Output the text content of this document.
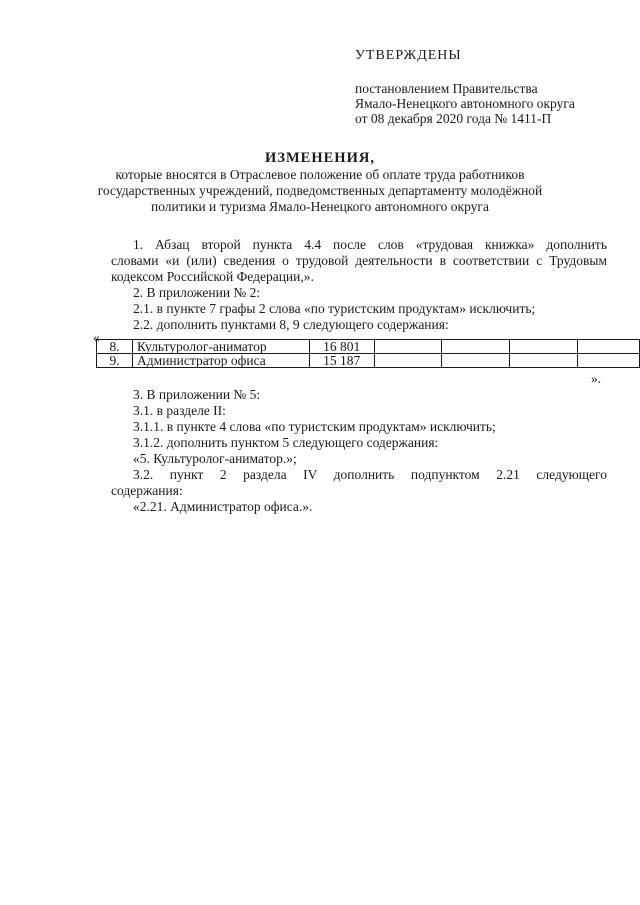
УТВЕРЖДЕНЫ
постановлением Правительства
Ямало-Ненецкого автономного округа
от 08 декабря 2020 года № 1411-П
ИЗМЕНЕНИЯ,
которые вносятся в Отраслевое положение об оплате труда работников
государственных учреждений, подведомственных департаменту молодёжной
политики и туризма Ямало-Ненецкого автономного округа
1. Абзац второй пункта 4.4 после слов «трудовая книжка» дополнить
словами «и (или) сведения о трудовой деятельности в соответствии с Трудовым
кодексом Российской Федерации,».
2. В приложении № 2:
2.1. в пункте 7 графы 2 слова «по туристским продуктам» исключить;
2.2. дополнить пунктами 8, 9 следующего содержания:
«
8.	Культуролог-аниматор	16 801				
9.	Администратор офиса	15 187				
».
3. В приложении № 5:
3.1. в разделе II:
3.1.1. в пункте 4 слова «по туристским продуктам» исключить;
3.1.2. дополнить пунктом 5 следующего содержания:
«5. Культуролог-аниматор.»;
3.2. пункт 2 раздела IV дополнить подпунктом 2.21 следующего
содержания:
«2.21. Администратор офиса.».
